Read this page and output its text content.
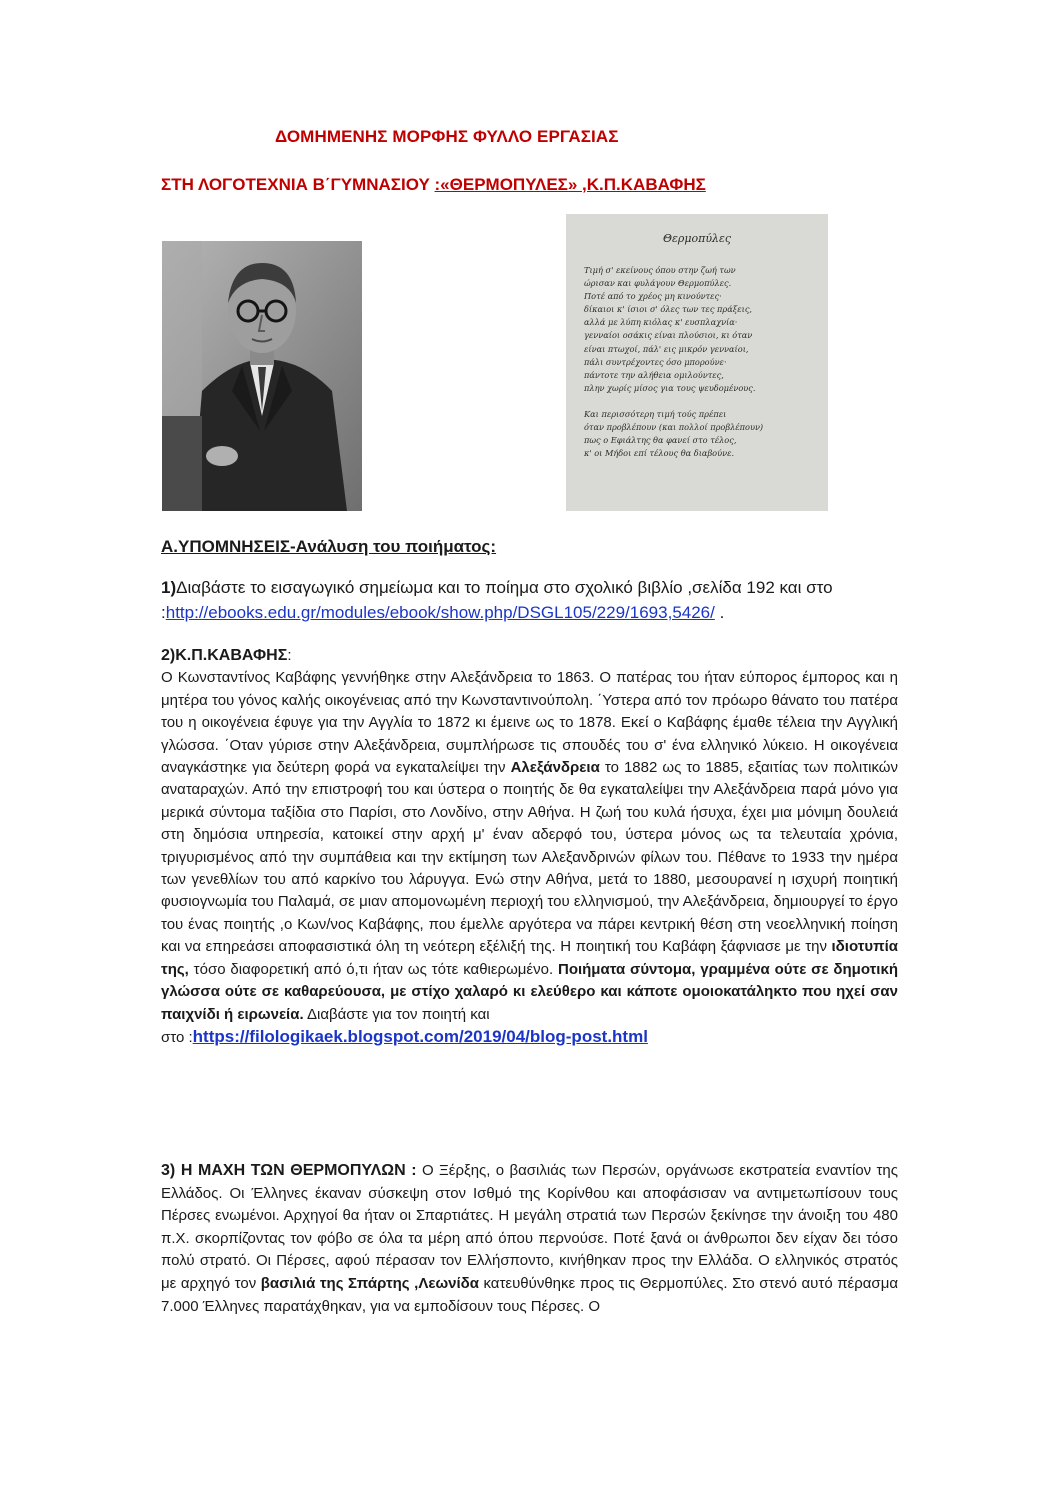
ΔΟΜΗΜΕΝΗΣ ΜΟΡΦΗΣ ΦΥΛΛΟ ΕΡΓΑΣΙΑΣ
ΣΤΗ ΛΟΓΟΤΕΧΝΙΑ Β΄ΓΥΜΝΑΣΙΟΥ :«ΘΕΡΜΟΠΥΛΕΣ» ,Κ.Π.ΚΑΒΑΦΗΣ
Θερμοπύλες
Τιμή σ' εκείνους όπου στην ζωή των
ώρισαν και φυλάγουν Θερμοπύλες.
Ποτέ από το χρέος μη κινούντες·
δίκαιοι κ' ίσιοι σ' όλες των τες πράξεις,
αλλά με λύπη κιόλας κ' ευσπλαχνία·
γενναίοι οσάκις είναι πλούσιοι, κι όταν
είναι πτωχοί, πάλ' εις μικρόν γενναίοι,
πάλι συντρέχοντες όσο μπορούνε·
πάντοτε την αλήθεια ομιλούντες,
πλην χωρίς μίσος για τους ψευδομένους.
Και περισσότερη τιμή τούς πρέπει
όταν προβλέπουν (και πολλοί προβλέπουν)
πως ο Εφιάλτης θα φανεί στο τέλος,
κ' οι Μήδοι επί τέλους θα διαβούνε.
Α.ΥΠΟΜΝΗΣΕΙΣ-Ανάλυση του ποιήματος:
1)Διαβάστε το εισαγωγικό σημείωμα και το ποίημα στο σχολικό βιβλίο ,σελίδα 192 και στο :http://ebooks.edu.gr/modules/ebook/show.php/DSGL105/229/1693,5426/ .
2)Κ.Π.ΚΑΒΑΦΗΣ:
Ο Κωνσταντίνος Καβάφης γεννήθηκε στην Αλεξάνδρεια το 1863. Ο πατέρας του ήταν εύπορος έμπορος και η μητέρα του γόνος καλής οικογένειας από την Κωνσταντινούπολη. ΄Υστερα από τον πρόωρο θάνατο του πατέρα του η οικογένεια έφυγε για την Αγγλία το 1872 κι έμεινε ως το 1878. Εκεί ο Καβάφης έμαθε τέλεια την Αγγλική γλώσσα. ΄Οταν γύρισε στην Αλεξάνδρεια, συμπλήρωσε τις σπουδές του σ' ένα ελληνικό λύκειο. Η οικογένεια αναγκάστηκε για δεύτερη φορά να εγκαταλείψει την Αλεξάνδρεια το 1882 ως το 1885, εξαιτίας των πολιτικών αναταραχών. Από την επιστροφή του και ύστερα ο ποιητής δε θα εγκαταλείψει την Αλεξάνδρεια παρά μόνο για μερικά σύντομα ταξίδια στο Παρίσι, στο Λονδίνο, στην Αθήνα. Η ζωή του κυλά ήσυχα, έχει μια μόνιμη δουλειά στη δημόσια υπηρεσία, κατοικεί στην αρχή μ' έναν αδερφό του, ύστερα μόνος ως τα τελευταία χρόνια, τριγυρισμένος από την συμπάθεια και την εκτίμηση των Αλεξανδρινών φίλων του. Πέθανε το 1933 την ημέρα των γενεθλίων του από καρκίνο του λάρυγγα. Ενώ στην Αθήνα, μετά το 1880, μεσουρανεί η ισχυρή ποιητική φυσιογνωμία του Παλαμά, σε μιαν απομονωμένη περιοχή του ελληνισμού, την Αλεξάνδρεια, δημιουργεί το έργο του ένας ποιητής ,ο Κων/νος Καβάφης, που έμελλε αργότερα να πάρει κεντρική θέση στη νεοελληνική ποίηση και να επηρεάσει αποφασιστικά όλη τη νεότερη εξέλιξή της. Η ποιητική του Καβάφη ξάφνιασε με την ιδιοτυπία της, τόσο διαφορετική από ό,τι ήταν ως τότε καθιερωμένο. Ποιήματα σύντομα, γραμμένα ούτε σε δημοτική γλώσσα ούτε σε καθαρεύουσα, με στίχο χαλαρό κι ελεύθερο και κάποτε ομοιοκατάληκτο που ηχεί σαν παιχνίδι ή ειρωνεία. Διαβάστε για τον ποιητή και
στο :https://filologikaek.blogspot.com/2019/04/blog-post.html
3) Η ΜΑΧΗ ΤΩΝ ΘΕΡΜΟΠΥΛΩΝ : Ο Ξέρξης, ο βασιλιάς των Περσών, οργάνωσε εκστρατεία εναντίον της Ελλάδος. Οι Έλληνες έκαναν σύσκεψη στον Ισθμό της Κορίνθου και αποφάσισαν να αντιμετωπίσουν τους Πέρσες ενωμένοι. Αρχηγοί θα ήταν οι Σπαρτιάτες. Η μεγάλη στρατιά των Περσών ξεκίνησε την άνοιξη του 480 π.Χ. σκορπίζοντας τον φόβο σε όλα τα μέρη από όπου περνούσε. Ποτέ ξανά οι άνθρωποι δεν είχαν δει τόσο πολύ στρατό. Οι Πέρσες, αφού πέρασαν τον Ελλήσποντο, κινήθηκαν προς την Ελλάδα. Ο ελληνικός στρατός με αρχηγό τον βασιλιά της Σπάρτης ,Λεωνίδα κατευθύνθηκε προς τις Θερμοπύλες. Στο στενό αυτό πέρασμα 7.000 Έλληνες παρατάχθηκαν, για να εμποδίσουν τους Πέρσες. Ο
